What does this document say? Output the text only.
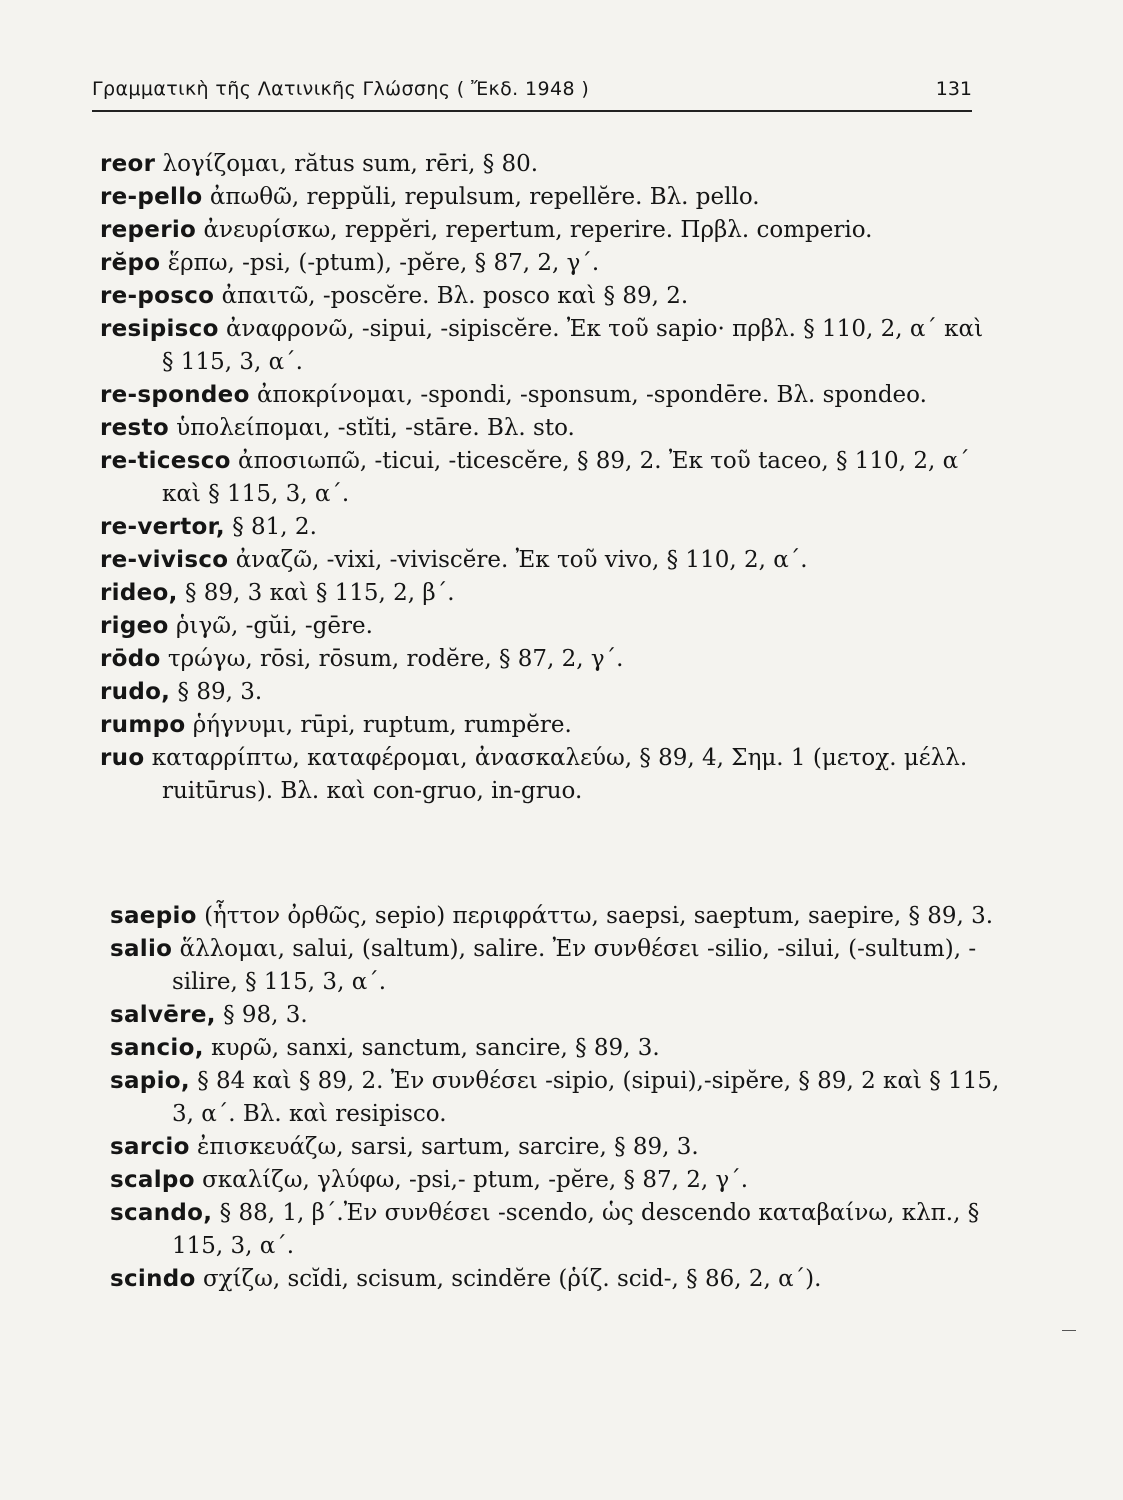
Γραμματικὴ τῆς Λατινικῆς Γλώσσης ( Ἔκδ. 1948 )	131
reor λογίζομαι, rătus sum, rēri, § 80.
re-pello ἀπωθῶ, reppŭli, repulsum, repellĕre. Βλ. pello.
reperio ἀνευρίσκω, reppĕri, repertum, reperire. Πρβλ. comperio.
rĕpo ἕρπω, -psi, (-ptum), -pĕre, § 87, 2, γ΄.
re-posco ἀπαιτῶ, -poscĕre. Βλ. posco καὶ § 89, 2.
resipisco ἀναφρονῶ, -sipui, -sipiscĕre. Ἐκ τοῦ sapio· πρβλ. § 110, 2, α΄ καὶ § 115, 3, α΄.
re-spondeo ἀποκρίνομαι, -spondi, -sponsum, -spondēre. Βλ. spondeo.
resto ὑπολείπομαι, -stĭti, -stāre. Βλ. sto.
re-ticesco ἀποσιωπῶ, -ticui, -ticescĕre, § 89, 2. Ἐκ τοῦ taceo, § 110, 2, α΄ καὶ § 115, 3, α΄.
re-vertor, § 81, 2.
re-vivisco ἀναζῶ, -vixi, -viviscĕre. Ἐκ τοῦ vivo, § 110, 2, α΄.
rideo, § 89, 3 καὶ § 115, 2, β΄.
rigeo ῥιγῶ, -gŭi, -gēre.
rōdo τρώγω, rōsi, rōsum, rodĕre, § 87, 2, γ΄.
rudo, § 89, 3.
rumpo ῥήγνυμι, rūpi, ruptum, rumpĕre.
ruo καταρρίπτω, καταφέρομαι, ἀνασκαλεύω, § 89, 4, Σημ. 1 (μετοχ. μέλλ. ruitūrus). Βλ. καὶ con-gruo, in-gruo.
saepio (ἧττον ὀρθῶς, sepio) περιφράττω, saepsi, saeptum, saepire, § 89, 3.
salio ἅλλομαι, salui, (saltum), salire. Ἐν συνθέσει -silio, -silui, (-sultum), -silire, § 115, 3, α΄.
salvēre, § 98, 3.
sancio, κυρῶ, sanxi, sanctum, sancire, § 89, 3.
sapio, § 84 καὶ § 89, 2. Ἐν συνθέσει -sipio, (sipui),-sipĕre, § 89, 2 καὶ § 115, 3, α΄. Βλ. καὶ resipisco.
sarcio ἐπισκευάζω, sarsi, sartum, sarcire, § 89, 3.
scalpo σκαλίζω, γλύφω, -psi,- ptum, -pĕre, § 87, 2, γ΄.
scando, § 88, 1, β΄.Ἐν συνθέσει -scendo, ὡς descendo καταβαίνω, κλπ., § 115, 3, α΄.
scindo σχίζω, scĭdi, scisum, scindĕre (ῥίζ. scid-, § 86, 2, α΄).
